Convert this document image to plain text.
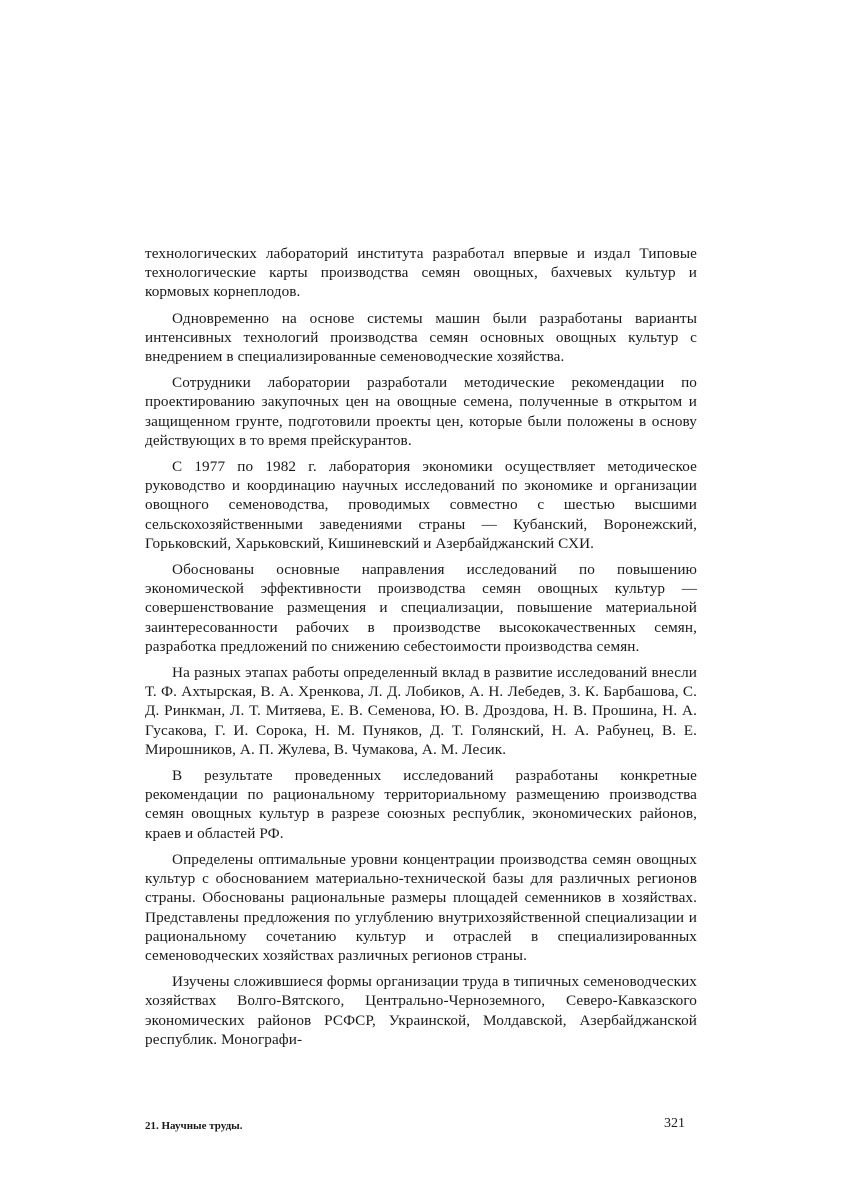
технологических лабораторий института разработал впервые и издал Типовые технологические карты производства семян овощных, бахчевых культур и кормовых корнеплодов.

Одновременно на основе системы машин были разработаны варианты интенсивных технологий производства семян основных овощных культур с внедрением в специализированные семеноводческие хозяйства.

Сотрудники лаборатории разработали методические рекомендации по проектированию закупочных цен на овощные семена, полученные в открытом и защищенном грунте, подготовили проекты цен, которые были положены в основу действующих в то время прейскурантов.

С 1977 по 1982 г. лаборатория экономики осуществляет методическое руководство и координацию научных исследований по экономике и организации овощного семеноводства, проводимых совместно с шестью высшими сельскохозяйственными заведениями страны — Кубанский, Воронежский, Горьковский, Харьковский, Кишиневский и Азербайджанский СХИ.

Обоснованы основные направления исследований по повышению экономической эффективности производства семян овощных культур — совершенствование размещения и специализации, повышение материальной заинтересованности рабочих в производстве высококачественных семян, разработка предложений по снижению себестоимости производства семян.

На разных этапах работы определенный вклад в развитие исследований внесли Т. Ф. Ахтырская, В. А. Хренкова, Л. Д. Лобиков, А. Н. Лебедев, З. К. Барбашова, С. Д. Ринкман, Л. Т. Митяева, Е. В. Семенова, Ю. В. Дроздова, Н. В. Прошина, Н. А. Гусакова, Г. И. Сорока, Н. М. Пуняков, Д. Т. Голянский, Н. А. Рабунец, В. Е. Мирошников, А. П. Жулева, В. Чумакова, А. М. Лесик.

В результате проведенных исследований разработаны конкретные рекомендации по рациональному территориальному размещению производства семян овощных культур в разрезе союзных республик, экономических районов, краев и областей РФ.

Определены оптимальные уровни концентрации производства семян овощных культур с обоснованием материально-технической базы для различных регионов страны. Обоснованы рациональные размеры площадей семенников в хозяйствах. Представлены предложения по углублению внутрихозяйственной специализации и рациональному сочетанию культур и отраслей в специализированных семеноводческих хозяйствах различных регионов страны.

Изучены сложившиеся формы организации труда в типичных семеноводческих хозяйствах Волго-Вятского, Центрально-Черноземного, Северо-Кавказского экономических районов РСФСР, Украинской, Молдавской, Азербайджанской республик. Монографи-

21. Научные труды.	321
